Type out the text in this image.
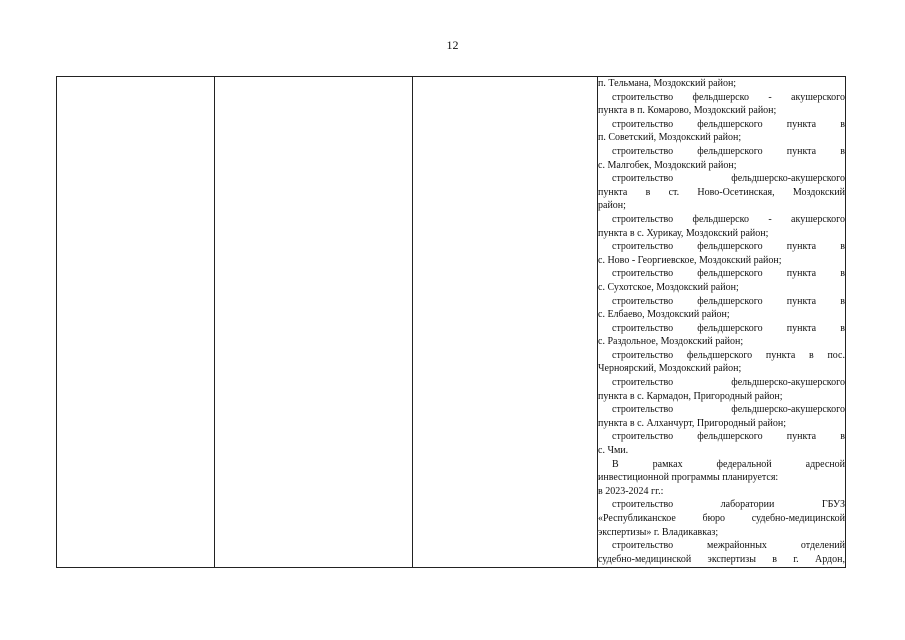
12

п. Тельмана, Моздокский район;
строительство фельдшерско - акушерского
пункта в п. Комарово, Моздокский район;
строительство фельдшерского пункта в
п. Советский, Моздокский район;
строительство фельдшерского пункта в
с. Малгобек, Моздокский район;
строительство фельдшерско-акушерского
пункта в ст. Ново-Осетинская, Моздокский
район;
строительство фельдшерско - акушерского
пункта в с. Хурикау, Моздокский район;
строительство фельдшерского пункта в
с. Ново - Георгиевское, Моздокский район;
строительство фельдшерского пункта в
с. Сухотское, Моздокский район;
строительство фельдшерского пункта в
с. Елбаево, Моздокский район;
строительство фельдшерского пункта в
с. Раздольное, Моздокский район;
строительство фельдшерского пункта в пос.
Черноярский, Моздокский район;
строительство фельдшерско-акушерского
пункта в с. Кармадон, Пригородный район;
строительство фельдшерско-акушерского
пункта в с. Алханчурт, Пригородный район;
строительство фельдшерского пункта в
с. Чми.
В рамках федеральной адресной
инвестиционной программы планируется:
в 2023-2024 гг.:
строительство лаборатории ГБУЗ
«Республиканское бюро судебно-медицинской
экспертизы» г. Владикавказ;
строительство межрайонных отделений
судебно-медицинской экспертизы в г. Ардон,
